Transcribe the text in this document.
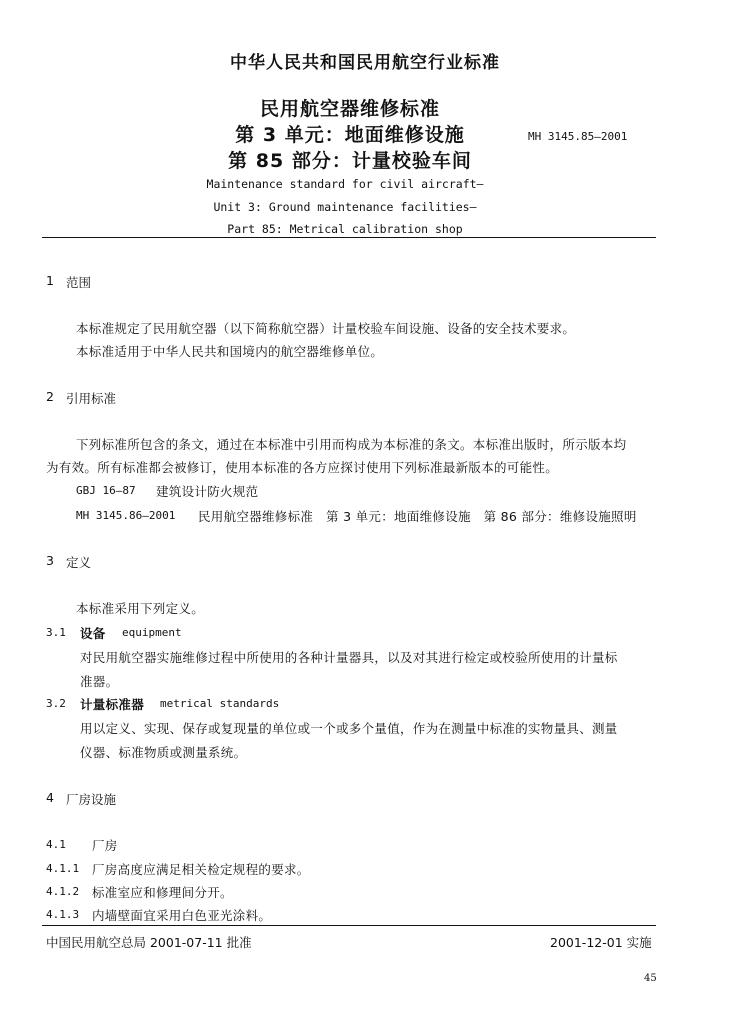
中华人民共和国民用航空行业标准
民用航空器维修标准
第 3 单元：地面维修设施
第 85 部分：计量校验车间
MH 3145.85—2001
Maintenance standard for civil aircraft—
Unit 3: Ground maintenance facilities—
Part 85: Metrical calibration shop
1 范围
本标准规定了民用航空器（以下简称航空器）计量校验车间设施、设备的安全技术要求。
本标准适用于中华人民共和国境内的航空器维修单位。
2 引用标准
下列标准所包含的条文，通过在本标准中引用而构成为本标准的条文。本标准出版时，所示版本均
为有效。所有标准都会被修订，使用本标准的各方应探讨使用下列标准最新版本的可能性。
GBJ 16—87 建筑设计防火规范
MH 3145.86—2001 民用航空器维修标准　第 3 单元：地面维修设施　第 86 部分：维修设施照明
3 定义
本标准采用下列定义。
3.1 设备 equipment
对民用航空器实施维修过程中所使用的各种计量器具，以及对其进行检定或校验所使用的计量标
准器。
3.2 计量标准器 metrical standards
用以定义、实现、保存或复现量的单位或一个或多个量值，作为在测量中标准的实物量具、测量
仪器、标准物质或测量系统。
4 厂房设施
4.1 厂房
4.1.1 厂房高度应满足相关检定规程的要求。
4.1.2 标准室应和修理间分开。
4.1.3 内墙壁面宜采用白色亚光涂料。
中国民用航空总局 2001-07-11 批准	2001-12-01 实施
45
